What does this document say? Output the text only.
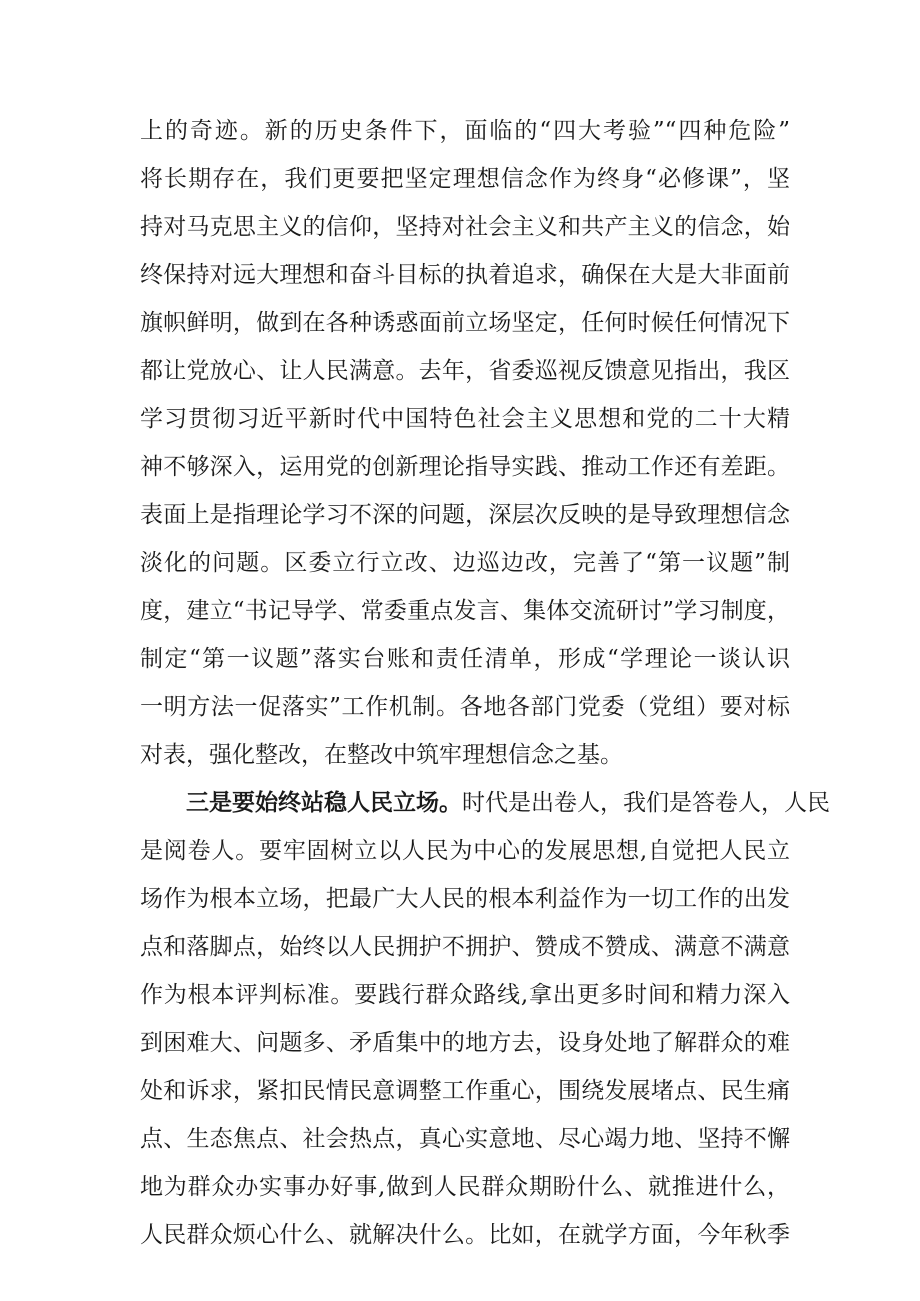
上的奇迹。新的历史条件下，面临的“四大考验”“四种危险”
将长期存在，我们更要把坚定理想信念作为终身“必修课”，坚
持对马克思主义的信仰，坚持对社会主义和共产主义的信念，始
终保持对远大理想和奋斗目标的执着追求，确保在大是大非面前
旗帜鲜明，做到在各种诱惑面前立场坚定，任何时候任何情况下
都让党放心、让人民满意。去年，省委巡视反馈意见指出，我区
学习贯彻习近平新时代中国特色社会主义思想和党的二十大精
神不够深入，运用党的创新理论指导实践、推动工作还有差距。
表面上是指理论学习不深的问题，深层次反映的是导致理想信念
淡化的问题。区委立行立改、边巡边改，完善了“第一议题”制
度，建立“书记导学、常委重点发言、集体交流研讨”学习制度，
制定“第一议题”落实台账和责任清单，形成“学理论一谈认识
一明方法一促落实”工作机制。各地各部门党委（党组）要对标
对表，强化整改，在整改中筑牢理想信念之基。
三是要始终站稳人民立场。时代是出卷人，我们是答卷人，人民
是阅卷人。要牢固树立以人民为中心的发展思想,自觉把人民立
场作为根本立场，把最广大人民的根本利益作为一切工作的出发
点和落脚点，始终以人民拥护不拥护、赞成不赞成、满意不满意
作为根本评判标准。要践行群众路线,拿出更多时间和精力深入
到困难大、问题多、矛盾集中的地方去，设身处地了解群众的难
处和诉求，紧扣民情民意调整工作重心，围绕发展堵点、民生痛
点、生态焦点、社会热点，真心实意地、尽心竭力地、坚持不懈
地为群众办实事办好事,做到人民群众期盼什么、就推进什么，
人民群众烦心什么、就解决什么。比如，在就学方面，今年秋季
